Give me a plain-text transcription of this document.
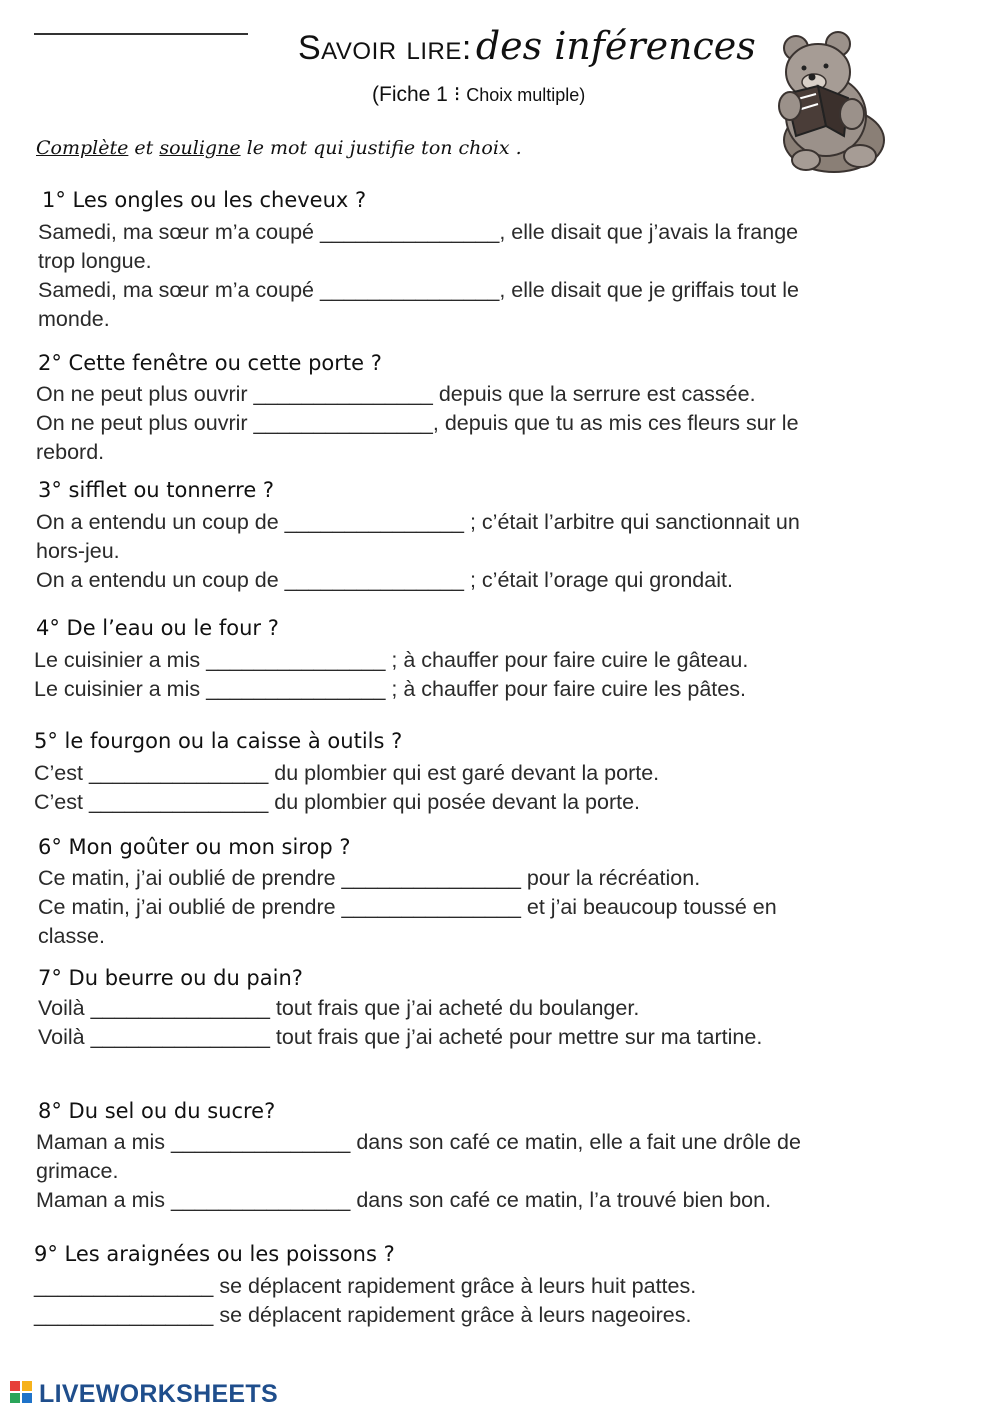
Savoir lire: des inférences
(Fiche 1 ⁝ Choix multiple)
Complète et souligne le mot qui justifie ton choix .
1° Les ongles ou les cheveux ?
Samedi, ma sœur m’a coupé _______________, elle disait que j’avais la frange
trop longue.
Samedi, ma sœur m’a coupé _______________, elle disait que je griffais tout le
monde.
2° Cette fenêtre ou cette porte ?
On ne peut plus ouvrir _______________ depuis que la serrure est cassée.
On ne peut plus ouvrir _______________, depuis que tu as mis ces fleurs sur le
rebord.
3° sifflet ou tonnerre ?
On a entendu un coup de _______________ ; c’était l’arbitre qui sanctionnait un
hors-jeu.
On a entendu un coup de _______________ ; c’était l’orage qui grondait.
4° De l’eau ou le four ?
Le cuisinier a mis _______________ ; à chauffer pour faire cuire le gâteau.
Le cuisinier a mis _______________ ; à chauffer pour faire cuire les pâtes.
5° le fourgon ou la caisse à outils ?
C’est _______________ du plombier qui est garé devant la porte.
C’est _______________ du plombier qui posée devant la porte.
6° Mon goûter ou mon sirop ?
Ce matin, j’ai oublié de prendre _______________ pour la récréation.
Ce matin, j’ai oublié de prendre _______________ et j’ai beaucoup toussé en
classe.
7° Du beurre ou du pain?
Voilà _______________ tout frais que j’ai acheté du boulanger.
Voilà _______________ tout frais que j’ai acheté pour mettre sur ma tartine.
8° Du sel ou du sucre?
Maman a mis _______________ dans son café ce matin, elle a fait une drôle de
grimace.
Maman a mis _______________ dans son café ce matin, l’a trouvé bien bon.
9° Les araignées ou les poissons ?
_______________ se déplacent rapidement grâce à leurs huit pattes.
_______________ se déplacent rapidement grâce à leurs nageoires.
LIVEWORKSHEETS
